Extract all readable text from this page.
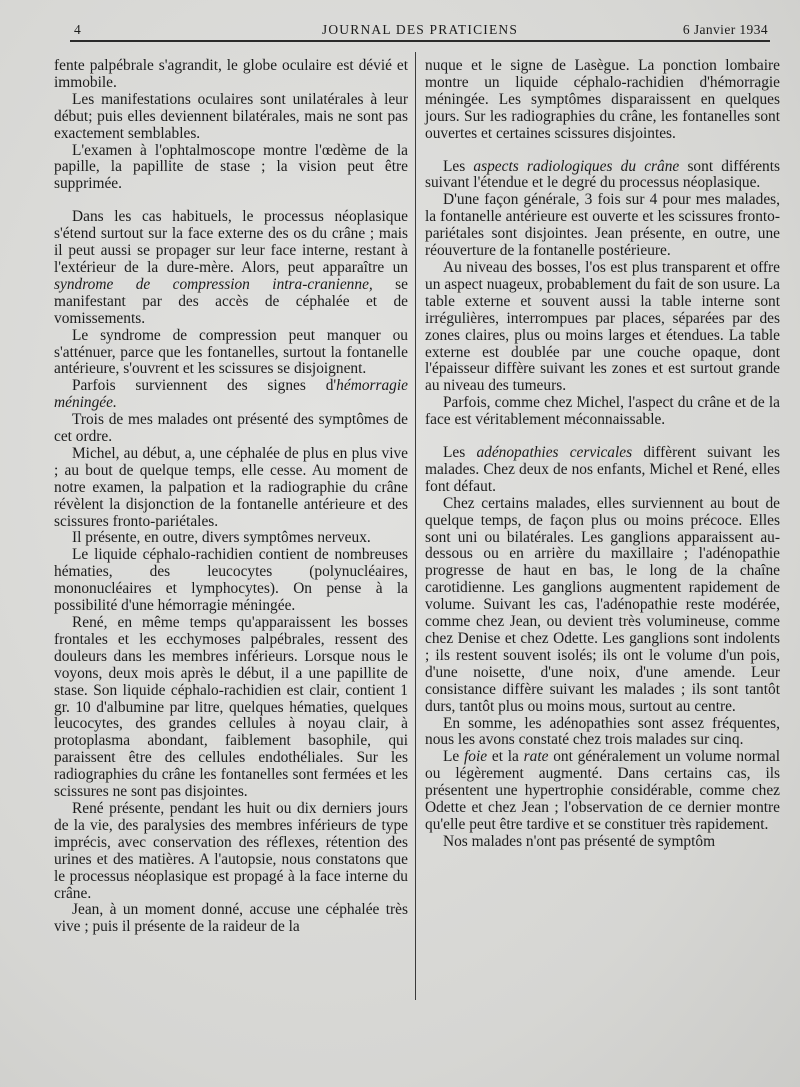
4	JOURNAL DES PRATICIENS	6 Janvier 1934

fente palpébrale s'agrandit, le globe oculaire est dévié et immobile.

Les manifestations oculaires sont unilatérales à leur début; puis elles deviennent bilatérales, mais ne sont pas exactement semblables.

L'examen à l'ophtalmoscope montre l'œdème de la papille, la papillite de stase ; la vision peut être supprimée.

Dans les cas habituels, le processus néoplasique s'étend surtout sur la face externe des os du crâne ; mais il peut aussi se propager sur leur face interne, restant à l'extérieur de la dure-mère. Alors, peut apparaître un syndrome de compression intra-cranienne, se manifestant par des accès de céphalée et de vomissements.

Le syndrome de compression peut manquer ou s'atténuer, parce que les fontanelles, surtout la fontanelle antérieure, s'ouvrent et les scissures se disjoignent.

Parfois surviennent des signes d'hémorragie méningée.

Trois de mes malades ont présenté des symptômes de cet ordre.

Michel, au début, a, une céphalée de plus en plus vive ; au bout de quelque temps, elle cesse. Au moment de notre examen, la palpation et la radiographie du crâne révèlent la disjonction de la fontanelle antérieure et des scissures fronto-pariétales.

Il présente, en outre, divers symptômes nerveux.

Le liquide céphalo-rachidien contient de nombreuses hématies, des leucocytes (polynucléaires, mononucléaires et lymphocytes). On pense à la possibilité d'une hémorragie méningée.

René, en même temps qu'apparaissent les bosses frontales et les ecchymoses palpébrales, ressent des douleurs dans les membres inférieurs. Lorsque nous le voyons, deux mois après le début, il a une papillite de stase. Son liquide céphalo-rachidien est clair, contient 1 gr. 10 d'albumine par litre, quelques hématies, quelques leucocytes, des grandes cellules à noyau clair, à protoplasma abondant, faiblement basophile, qui paraissent être des cellules endothéliales. Sur les radiographies du crâne les fontanelles sont fermées et les scissures ne sont pas disjointes.

René présente, pendant les huit ou dix derniers jours de la vie, des paralysies des membres inférieurs de type imprécis, avec conservation des réflexes, rétention des urines et des matières. A l'autopsie, nous constatons que le processus néoplasique est propagé à la face interne du crâne.

Jean, à un moment donné, accuse une céphalée très vive ; puis il présente de la raideur de la

nuque et le signe de Lasègue. La ponction lombaire montre un liquide céphalo-rachidien d'hémorragie méningée. Les symptômes disparaissent en quelques jours. Sur les radiographies du crâne, les fontanelles sont ouvertes et certaines scissures disjointes.

Les aspects radiologiques du crâne sont différents suivant l'étendue et le degré du processus néoplasique.

D'une façon générale, 3 fois sur 4 pour mes malades, la fontanelle antérieure est ouverte et les scissures fronto-pariétales sont disjointes. Jean présente, en outre, une réouverture de la fontanelle postérieure.

Au niveau des bosses, l'os est plus transparent et offre un aspect nuageux, probablement du fait de son usure. La table externe et souvent aussi la table interne sont irrégulières, interrompues par places, séparées par des zones claires, plus ou moins larges et étendues. La table externe est doublée par une couche opaque, dont l'épaisseur diffère suivant les zones et est surtout grande au niveau des tumeurs.

Parfois, comme chez Michel, l'aspect du crâne et de la face est véritablement méconnaissable.

Les adénopathies cervicales diffèrent suivant les malades. Chez deux de nos enfants, Michel et René, elles font défaut.

Chez certains malades, elles surviennent au bout de quelque temps, de façon plus ou moins précoce. Elles sont uni ou bilatérales. Les ganglions apparaissent au-dessous ou en arrière du maxillaire ; l'adénopathie progresse de haut en bas, le long de la chaîne carotidienne. Les ganglions augmentent rapidement de volume. Suivant les cas, l'adénopathie reste modérée, comme chez Jean, ou devient très volumineuse, comme chez Denise et chez Odette. Les ganglions sont indolents ; ils restent souvent isolés; ils ont le volume d'un pois, d'une noisette, d'une noix, d'une amende. Leur consistance diffère suivant les malades ; ils sont tantôt durs, tantôt plus ou moins mous, surtout au centre.

En somme, les adénopathies sont assez fréquentes, nous les avons constaté chez trois malades sur cinq.

Le foie et la rate ont généralement un volume normal ou légèrement augmenté. Dans certains cas, ils présentent une hypertrophie considérable, comme chez Odette et chez Jean ; l'observation de ce dernier montre qu'elle peut être tardive et se constituer très rapidement.

Nos malades n'ont pas présenté de symptôm
